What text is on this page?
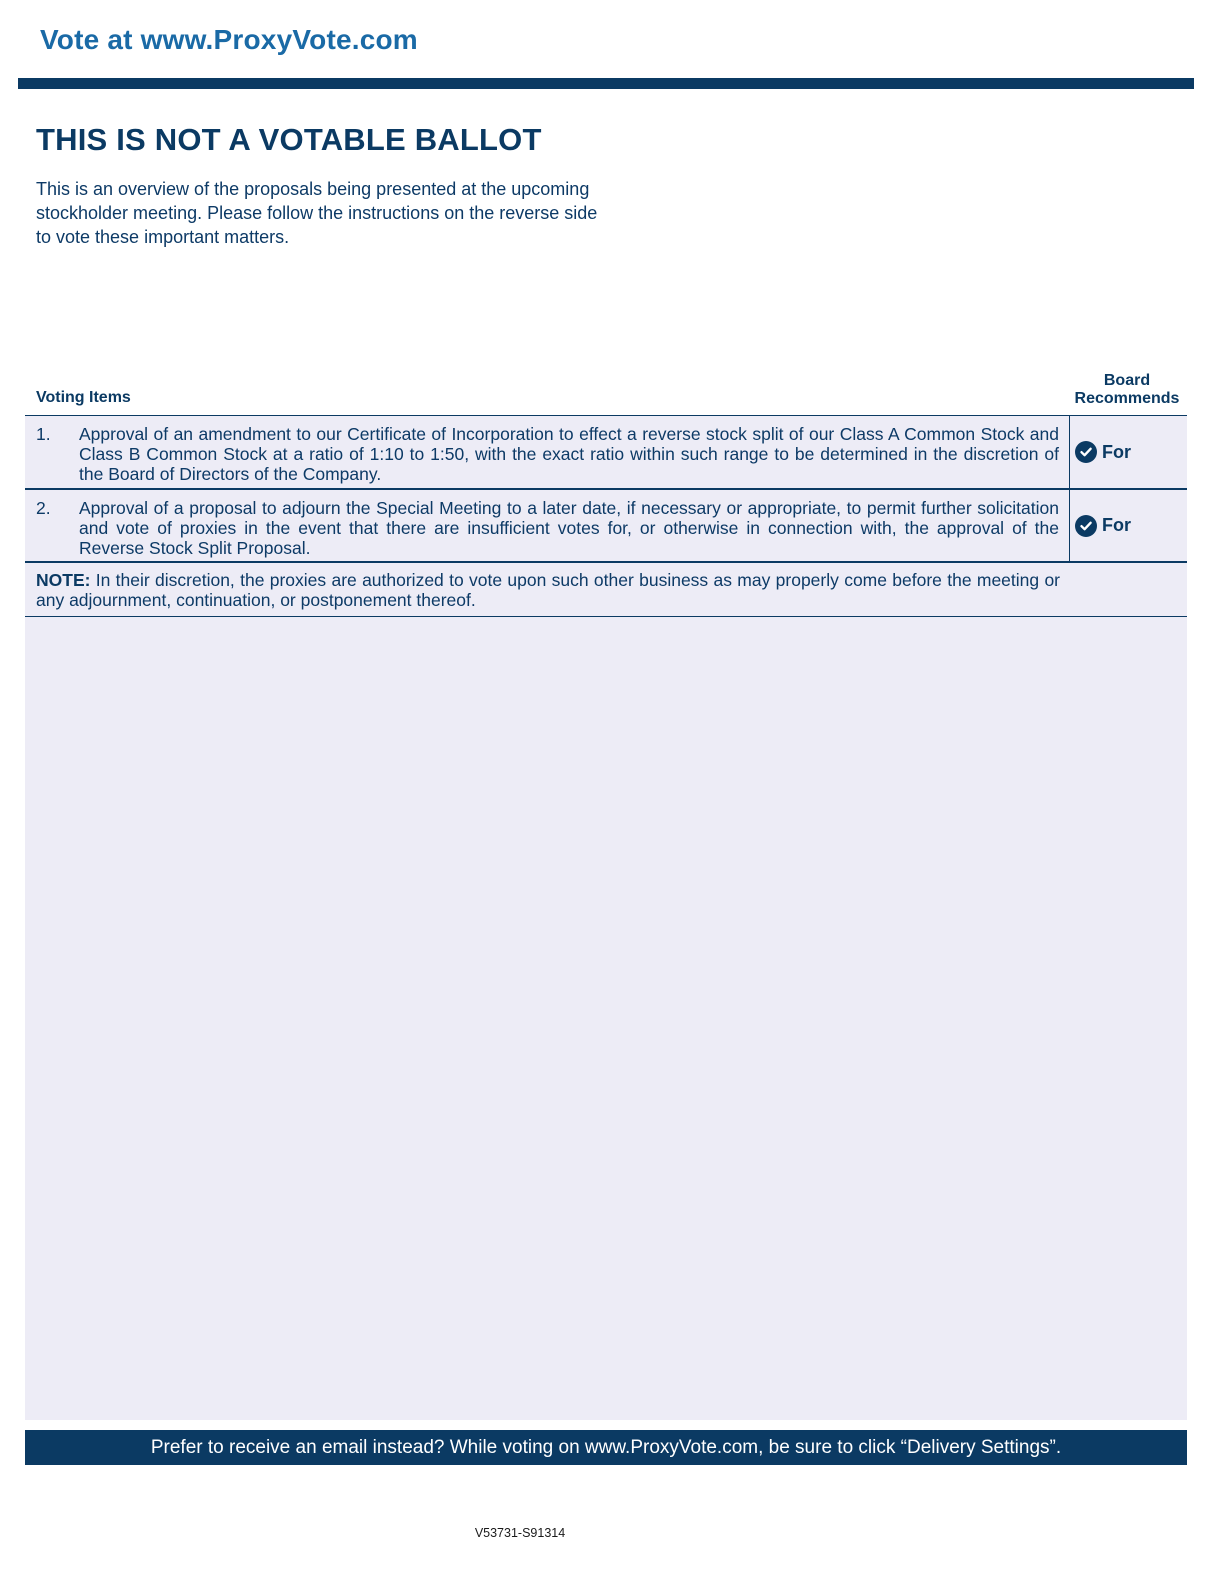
Vote at www.ProxyVote.com
THIS IS NOT A VOTABLE BALLOT

This is an overview of the proposals being presented at the upcoming stockholder meeting. Please follow the instructions on the reverse side to vote these important matters.

Voting Items
Board
Recommends
1. Approval of an amendment to our Certificate of Incorporation to effect a reverse stock split of our Class A Common Stock and Class B Common Stock at a ratio of 1:10 to 1:50, with the exact ratio within such range to be determined in the discretion of the Board of Directors of the Company.

For
2. Approval of a proposal to adjourn the Special Meeting to a later date, if necessary or appropriate, to permit further solicitation and vote of proxies in the event that there are insufficient votes for, or otherwise in connection with, the approval of the Reverse Stock Split Proposal.

For

NOTE: In their discretion, the proxies are authorized to vote upon such other business as may properly come before the meeting or any adjournment, continuation, or postponement thereof.

Prefer to receive an email instead? While voting on www.ProxyVote.com, be sure to click “Delivery Settings”.
V53731-S91314
